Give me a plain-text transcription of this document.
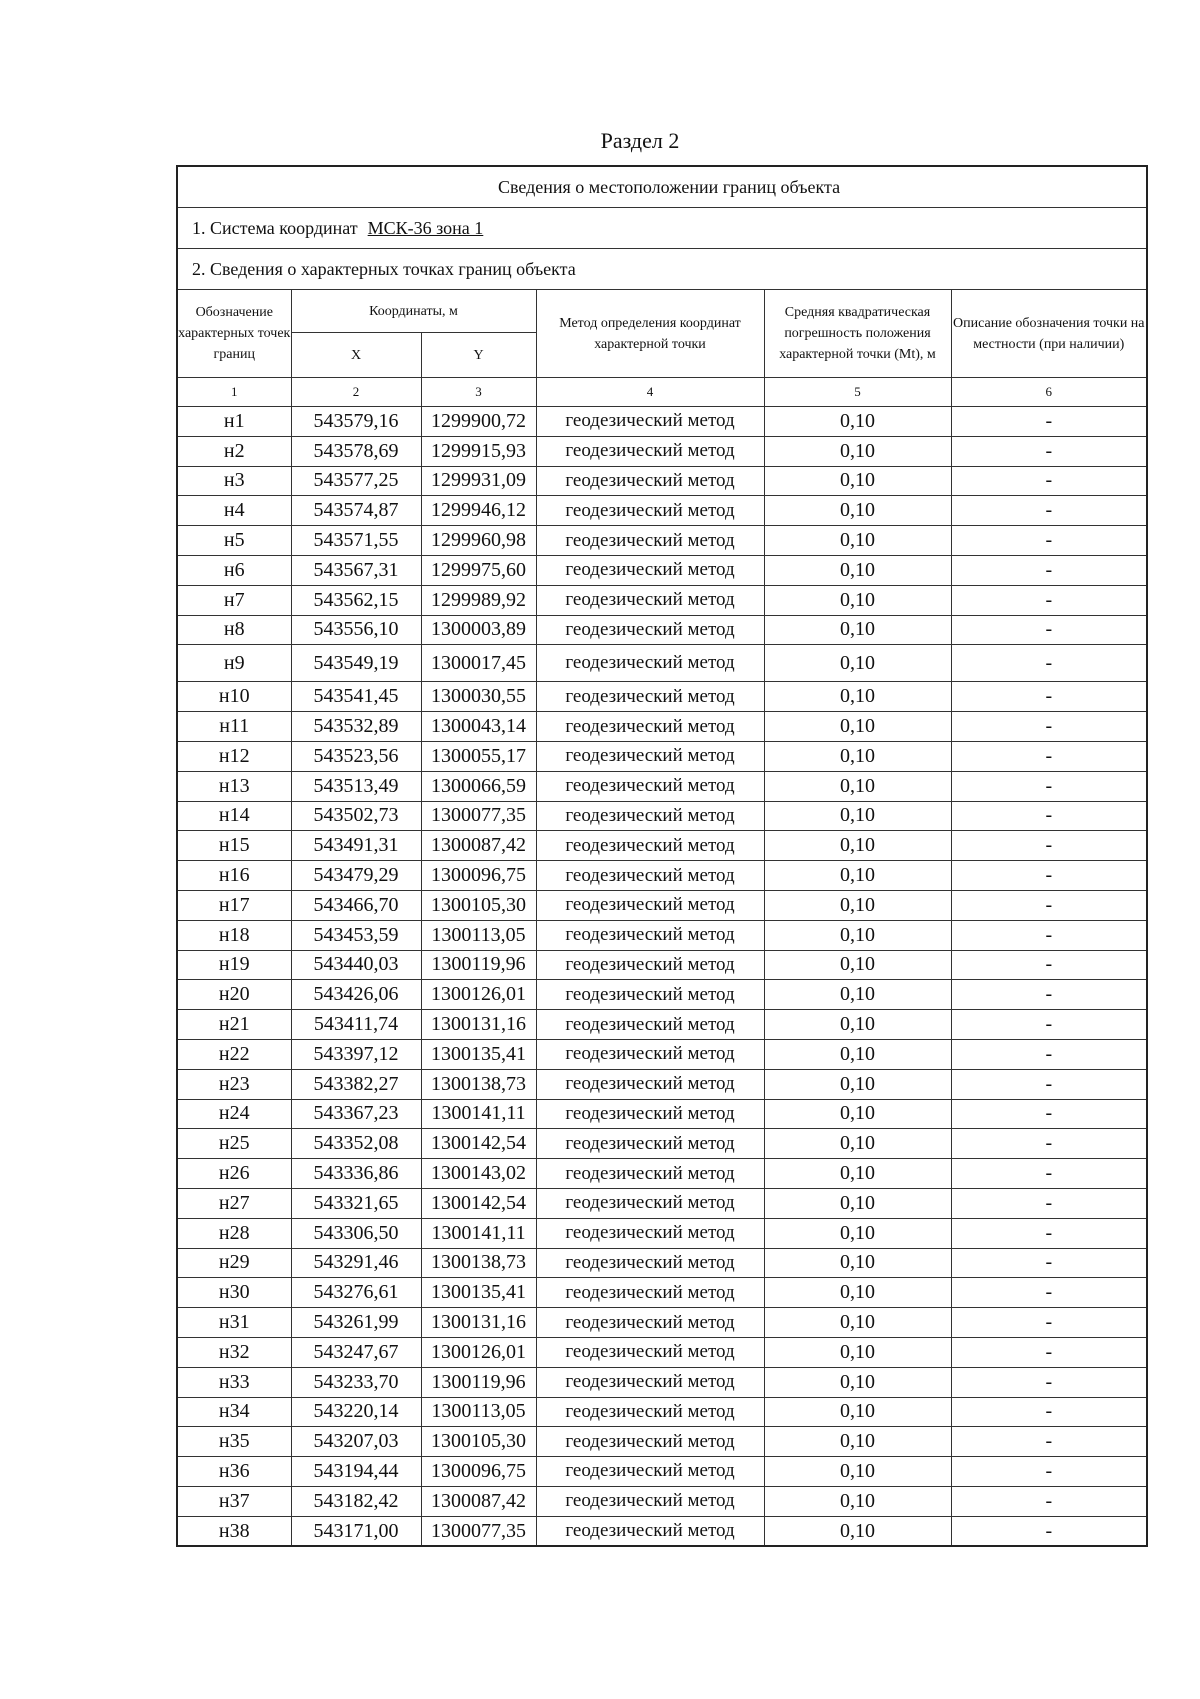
Раздел 2
Сведения о местоположении границ объекта					
1. Система координат МСК-36 зона 1					
2. Сведения о характерных точках границ объекта					
Обозначение характерных точек границ	Координаты, м		Метод определения координат характерной точки	Средняя квадратическая погрешность положения характерной точки (Mt), м	Описание обозначения точки на местности (при наличии)
	X	Y			
1	2	3	4	5	6
н1	543579,16	1299900,72	геодезический метод	0,10	-
н2	543578,69	1299915,93	геодезический метод	0,10	-
н3	543577,25	1299931,09	геодезический метод	0,10	-
н4	543574,87	1299946,12	геодезический метод	0,10	-
н5	543571,55	1299960,98	геодезический метод	0,10	-
н6	543567,31	1299975,60	геодезический метод	0,10	-
н7	543562,15	1299989,92	геодезический метод	0,10	-
н8	543556,10	1300003,89	геодезический метод	0,10	-
н9	543549,19	1300017,45	геодезический метод	0,10	-
н10	543541,45	1300030,55	геодезический метод	0,10	-
н11	543532,89	1300043,14	геодезический метод	0,10	-
н12	543523,56	1300055,17	геодезический метод	0,10	-
н13	543513,49	1300066,59	геодезический метод	0,10	-
н14	543502,73	1300077,35	геодезический метод	0,10	-
н15	543491,31	1300087,42	геодезический метод	0,10	-
н16	543479,29	1300096,75	геодезический метод	0,10	-
н17	543466,70	1300105,30	геодезический метод	0,10	-
н18	543453,59	1300113,05	геодезический метод	0,10	-
н19	543440,03	1300119,96	геодезический метод	0,10	-
н20	543426,06	1300126,01	геодезический метод	0,10	-
н21	543411,74	1300131,16	геодезический метод	0,10	-
н22	543397,12	1300135,41	геодезический метод	0,10	-
н23	543382,27	1300138,73	геодезический метод	0,10	-
н24	543367,23	1300141,11	геодезический метод	0,10	-
н25	543352,08	1300142,54	геодезический метод	0,10	-
н26	543336,86	1300143,02	геодезический метод	0,10	-
н27	543321,65	1300142,54	геодезический метод	0,10	-
н28	543306,50	1300141,11	геодезический метод	0,10	-
н29	543291,46	1300138,73	геодезический метод	0,10	-
н30	543276,61	1300135,41	геодезический метод	0,10	-
н31	543261,99	1300131,16	геодезический метод	0,10	-
н32	543247,67	1300126,01	геодезический метод	0,10	-
н33	543233,70	1300119,96	геодезический метод	0,10	-
н34	543220,14	1300113,05	геодезический метод	0,10	-
н35	543207,03	1300105,30	геодезический метод	0,10	-
н36	543194,44	1300096,75	геодезический метод	0,10	-
н37	543182,42	1300087,42	геодезический метод	0,10	-
н38	543171,00	1300077,35	геодезический метод	0,10	-
